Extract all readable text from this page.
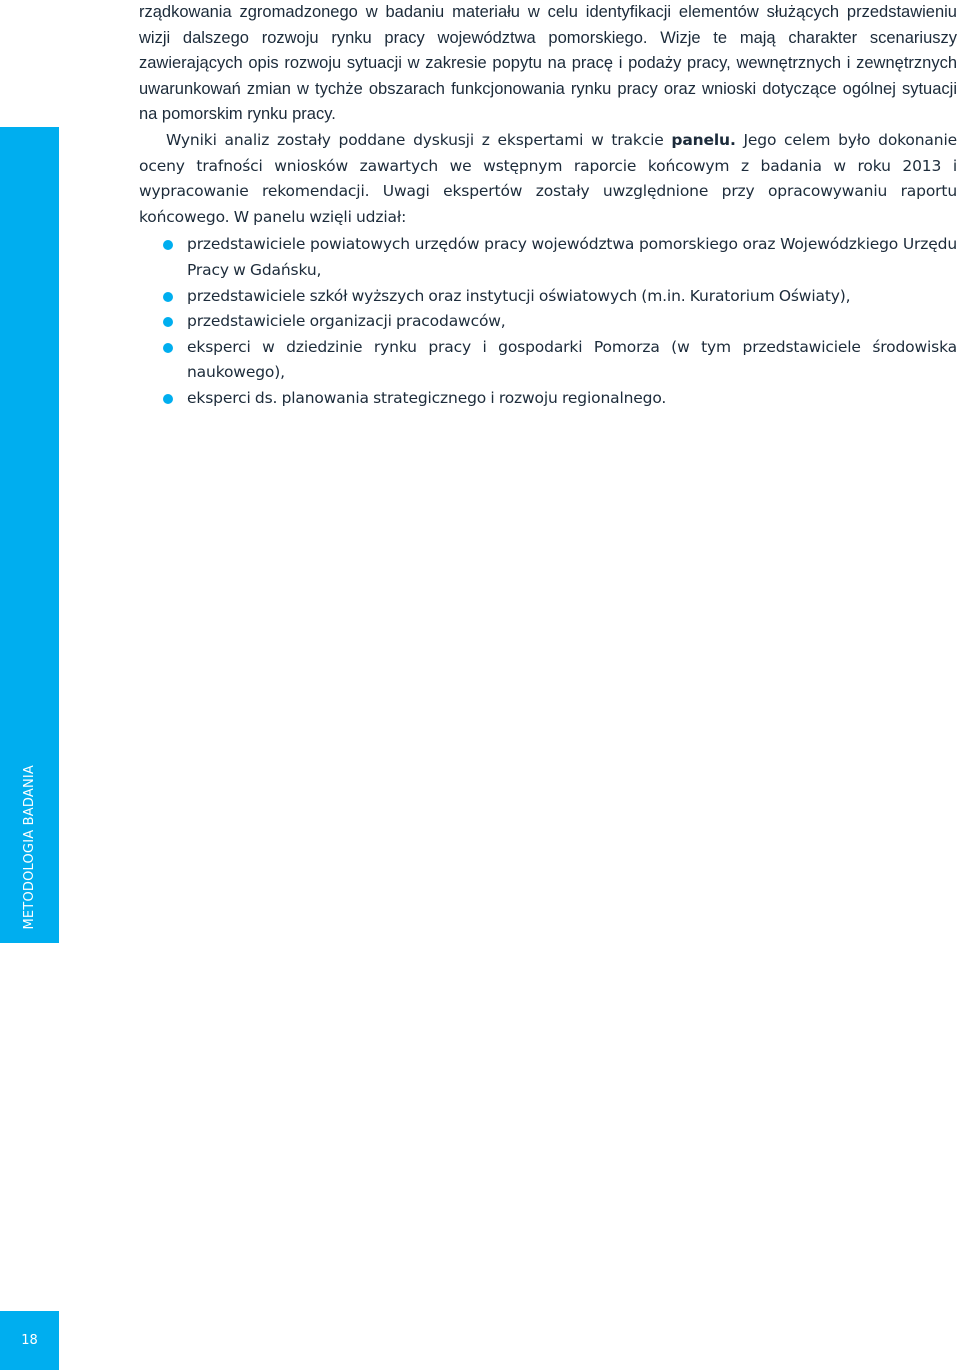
METODOLOGIA BADANIA
18

rządkowania zgromadzonego w badaniu materiału w celu identyfikacji elementów służących przedstawieniu wizji dalszego rozwoju rynku pracy województwa pomorskiego. Wizje te mają charakter scenariuszy zawierających opis rozwoju sytuacji w zakresie popytu na pracę i podaży pracy, wewnętrznych i zewnętrznych uwarunkowań zmian w tychże obszarach funkcjonowania rynku pracy oraz wnioski dotyczące ogólnej sytuacji na pomorskim rynku pracy.

Wyniki analiz zostały poddane dyskusji z ekspertami w trakcie panelu. Jego celem było dokonanie oceny trafności wniosków zawartych we wstępnym raporcie końcowym z badania w roku 2013 i wypracowanie rekomendacji. Uwagi ekspertów zostały uwzględnione przy opracowywaniu raportu końcowego. W panelu wzięli udział:

przedstawiciele powiatowych urzędów pracy województwa pomorskiego oraz Wojewódzkiego Urzędu Pracy w Gdańsku,
przedstawiciele szkół wyższych oraz instytucji oświatowych (m.in. Kuratorium Oświaty),
przedstawiciele organizacji pracodawców,
eksperci w dziedzinie rynku pracy i gospodarki Pomorza (w tym przedstawiciele środowiska naukowego),
eksperci ds. planowania strategicznego i rozwoju regionalnego.
